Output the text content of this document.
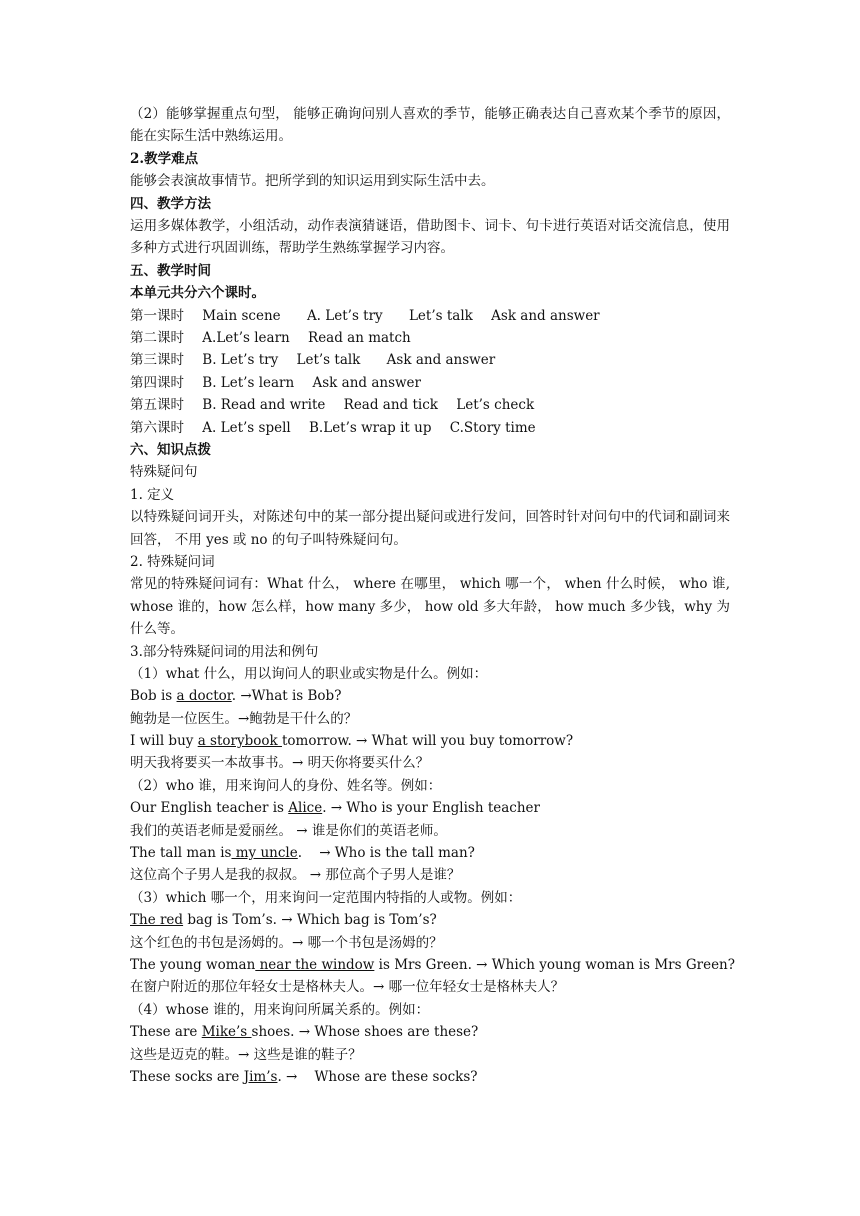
（2）能够掌握重点句型， 能够正确询问别人喜欢的季节，能够正确表达自己喜欢某个季节的原因，能在实际生活中熟练运用。
2.教学难点
能够会表演故事情节。把所学到的知识运用到实际生活中去。
四、教学方法
运用多媒体教学，小组活动，动作表演猜谜语，借助图卡、词卡、句卡进行英语对话交流信息，使用多种方式进行巩固训练，帮助学生熟练掌握学习内容。
五、教学时间
本单元共分六个课时。
第一课时 Main scene A. Let’s try Let’s talk Ask and answer
第二课时 A.Let’s learn Read an match
第三课时 B. Let’s try Let’s talk Ask and answer
第四课时 B. Let’s learn Ask and answer
第五课时 B. Read and write Read and tick Let’s check
第六课时 A. Let’s spell B.Let’s wrap it up C.Story time
六、知识点拨
特殊疑问句
1. 定义
以特殊疑问词开头，对陈述句中的某一部分提出疑问或进行发问，回答时针对问句中的代词和副词来回答， 不用 yes 或 no 的句子叫特殊疑问句。
2. 特殊疑问词
常见的特殊疑问词有：What 什么， where 在哪里， which 哪一个， when 什么时候， who 谁, whose 谁的，how 怎么样，how many 多少， how old 多大年龄， how much 多少钱，why 为什么等。
3.部分特殊疑问词的用法和例句
（1）what 什么，用以询问人的职业或实物是什么。例如：
Bob is a doctor. →What is Bob?
鲍勃是一位医生。→鲍勃是干什么的？
I will buy a storybook tomorrow. → What will you buy tomorrow?
明天我将要买一本故事书。→ 明天你将要买什么？
（2）who 谁，用来询问人的身份、姓名等。例如：
Our English teacher is Alice. → Who is your English teacher
我们的英语老师是爱丽丝。 → 谁是你们的英语老师。
The tall man is my uncle.    → Who is the tall man?
这位高个子男人是我的叔叔。 → 那位高个子男人是谁？
（3）which 哪一个，用来询问一定范围内特指的人或物。例如：
The red bag is Tom’s. → Which bag is Tom’s?
这个红色的书包是汤姆的。→ 哪一个书包是汤姆的？
The young woman near the window is Mrs Green. → Which young woman is Mrs Green?
在窗户附近的那位年轻女士是格林夫人。→ 哪一位年轻女士是格林夫人？
（4）whose 谁的，用来询问所属关系的。例如：
These are Mike’s shoes. → Whose shoes are these?
这些是迈克的鞋。→ 这些是谁的鞋子？
These socks are Jim’s. →    Whose are these socks?
